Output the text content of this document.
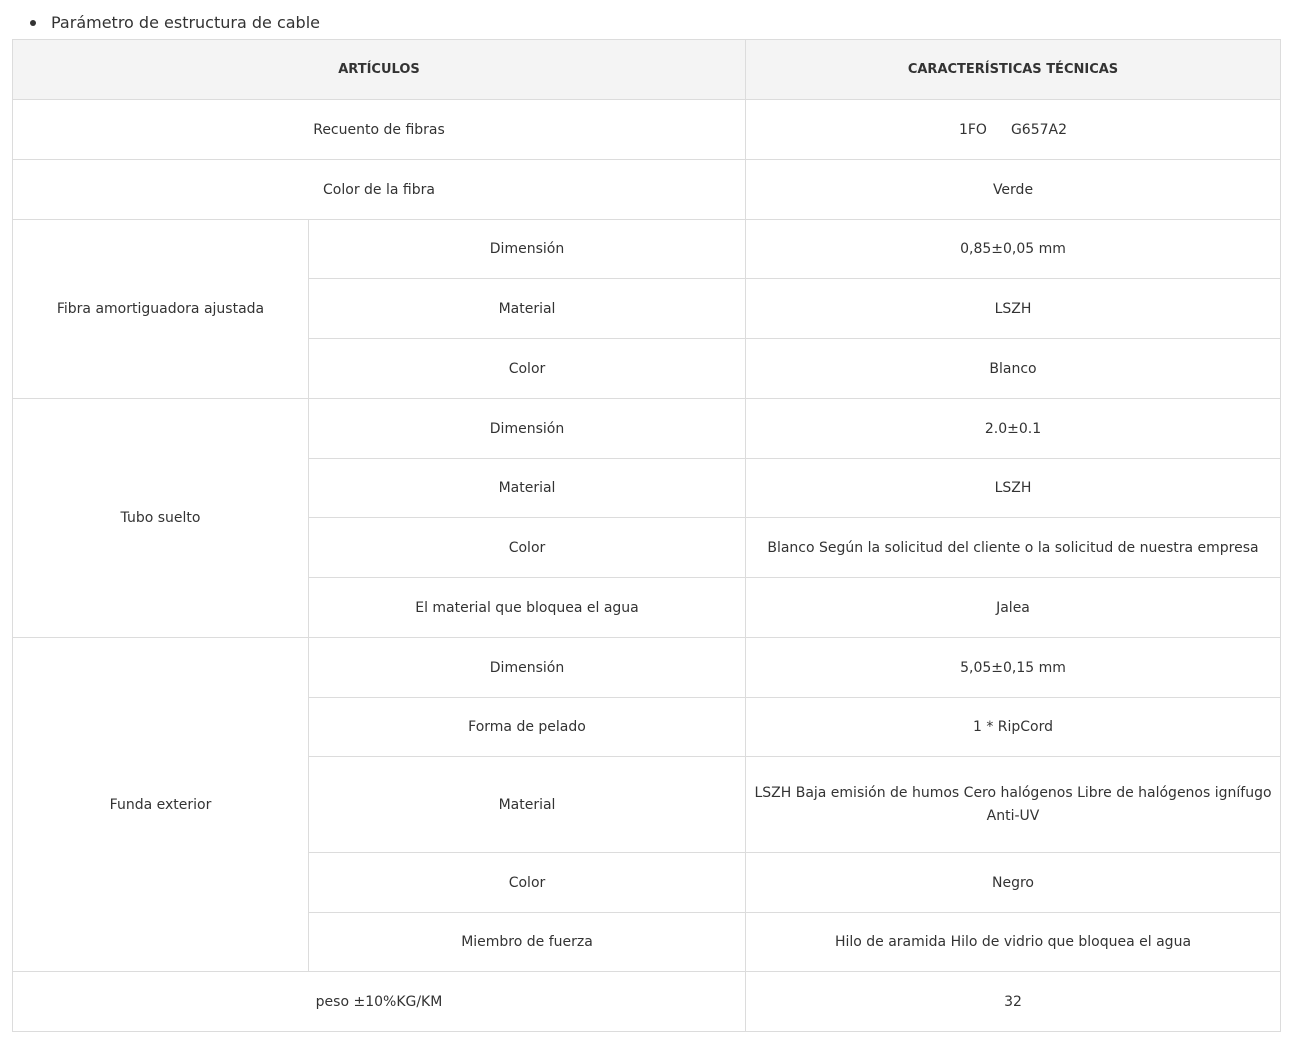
Parámetro de estructura de cable
ARTÍCULOS		CARACTERÍSTICAS TÉCNICAS
Recuento de fibras		1FO G657A2
Color de la fibra		Verde
Fibra amortiguadora ajustada	Dimensión	0,85±0,05 mm
	Material	LSZH
	Color	Blanco
Tubo suelto	Dimensión	2.0±0.1
	Material	LSZH
	Color	Blanco Según la solicitud del cliente o la solicitud de nuestra empresa
	El material que bloquea el agua	Jalea
Funda exterior	Dimensión	5,05±0,15 mm
	Forma de pelado	1 * RipCord
	Material	LSZH Baja emisión de humos Cero halógenos Libre de halógenos ignífugo Anti-UV
	Color	Negro
	Miembro de fuerza	Hilo de aramida Hilo de vidrio que bloquea el agua
peso ±10%KG/KM		32
